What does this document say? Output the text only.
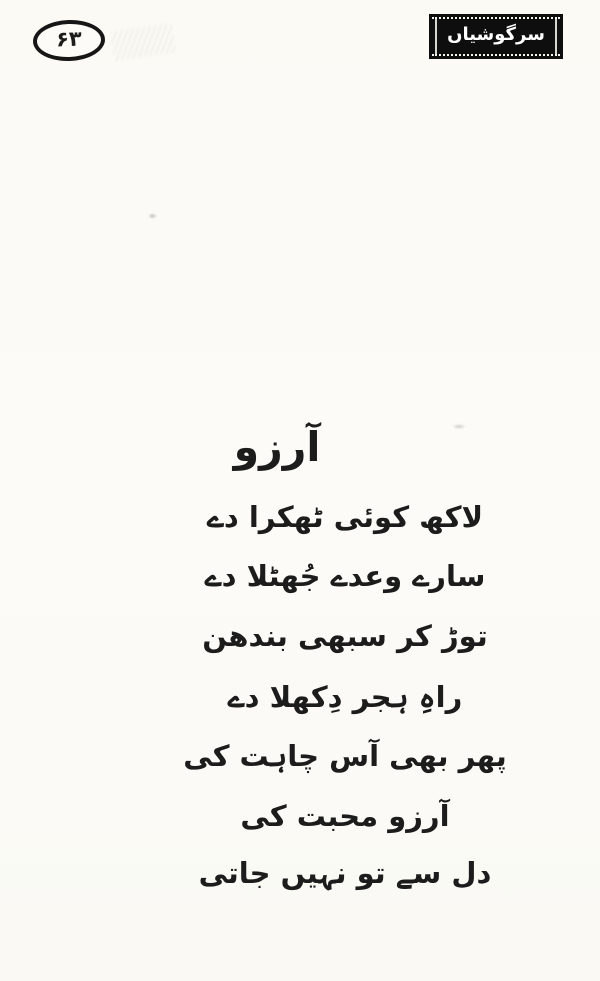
۶۳	سرگوشیاں
آرزو
لاکھ کوئی ٹھکرا دے
سارے وعدے جُھٹلا دے
توڑ کر سبھی بندھن
راہِ ہجر دِکھلا دے
پھر بھی آس چاہت کی
آرزو محبت کی
دل سے تو نہیں جاتی
